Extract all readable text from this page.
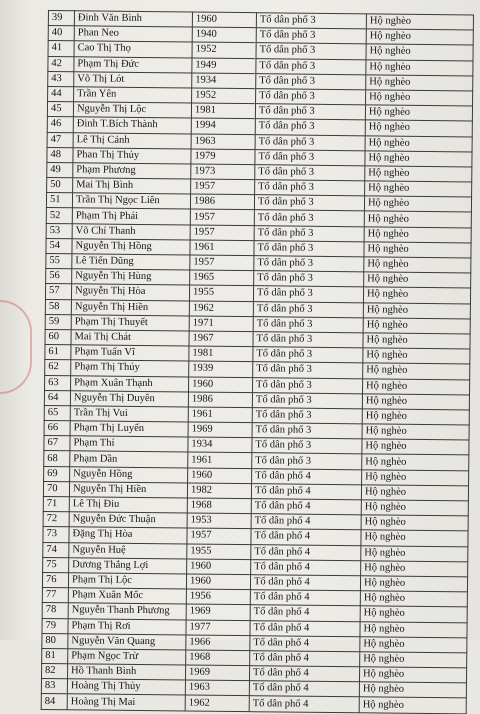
39	Đinh Văn Bình	1960	Tổ dân phố 3	Hộ nghèo
40	Phan Neo	1940	Tổ dân phố 3	Hộ nghèo
41	Cao Thị Thọ	1952	Tổ dân phố 3	Hộ nghèo
42	Phạm Thị Đức	1949	Tổ dân phố 3	Hộ nghèo
43	Võ Thị Lót	1934	Tổ dân phố 3	Hộ nghèo
44	Trần Yên	1952	Tổ dân phố 3	Hộ nghèo
45	Nguyễn Thị Lộc	1981	Tổ dân phố 3	Hộ nghèo
46	Đinh T.Bích Thành	1994	Tổ dân phố 3	Hộ nghèo
47	Lê Thị Cảnh	1963	Tổ dân phố 3	Hộ nghèo
48	Phan Thị Thủy	1979	Tổ dân phố 3	Hộ nghèo
49	Phạm Phương	1973	Tổ dân phố 3	Hộ nghèo
50	Mai Thị Bình	1957	Tổ dân phố 3	Hộ nghèo
51	Trần Thị Ngọc Liên	1986	Tổ dân phố 3	Hộ nghèo
52	Phạm Thị Phái	1957	Tổ dân phố 3	Hộ nghèo
53	Võ Chí Thanh	1957	Tổ dân phố 3	Hộ nghèo
54	Nguyễn Thị Hồng	1961	Tổ dân phố 3	Hộ nghèo
55	Lê Tiến Dũng	1957	Tổ dân phố 3	Hộ nghèo
56	Nguyễn Thị Hùng	1965	Tổ dân phố 3	Hộ nghèo
57	Nguyễn Thị Hòa	1955	Tổ dân phố 3	Hộ nghèo
58	Nguyễn Thị Hiền	1962	Tổ dân phố 3	Hộ nghèo
59	Phạm Thị Thuyết	1971	Tổ dân phố 3	Hộ nghèo
60	Mai Thị Chát	1967	Tổ dân phố 3	Hộ nghèo
61	Phạm Tuấn Vĩ	1981	Tổ dân phố 3	Hộ nghèo
62	Phạm Thị Thúy	1939	Tổ dân phố 3	Hộ nghèo
63	Phạm Xuân Thạnh	1960	Tổ dân phố 3	Hộ nghèo
64	Nguyễn Thị Duyên	1986	Tổ dân phố 3	Hộ nghèo
65	Trần Thị Vui	1961	Tổ dân phố 3	Hộ nghèo
66	Phạm Thị Luyến	1969	Tổ dân phố 3	Hộ nghèo
67	Phạm Thí	1934	Tổ dân phố 3	Hộ nghèo
68	Phạm Dần	1961	Tổ dân phố 3	Hộ nghèo
69	Nguyễn Hồng	1960	Tổ dân phố 4	Hộ nghèo
70	Nguyễn Thị Hiền	1982	Tổ dân phố 4	Hộ nghèo
71	Lê Thị Điu	1968	Tổ dân phố 4	Hộ nghèo
72	Nguyễn Đức Thuận	1953	Tổ dân phố 4	Hộ nghèo
73	Đặng Thị Hòa	1957	Tổ dân phố 4	Hộ nghèo
74	Nguyễn Huệ	1955	Tổ dân phố 4	Hộ nghèo
75	Dương Thắng Lợi	1960	Tổ dân phố 4	Hộ nghèo
76	Phạm Thị Lộc	1960	Tổ dân phố 4	Hộ nghèo
77	Phạm Xuân Mốc	1956	Tổ dân phố 4	Hộ nghèo
78	Nguyễn Thanh Phương	1969	Tổ dân phố 4	Hộ nghèo
79	Phạm Thị Rơi	1977	Tổ dân phố 4	Hộ nghèo
80	Nguyễn Văn Quang	1966	Tổ dân phố 4	Hộ nghèo
81	Phạm Ngọc Trừ	1968	Tổ dân phố 4	Hộ nghèo
82	Hồ Thanh Bình	1969	Tổ dân phố 4	Hộ nghèo
83	Hoàng Thị Thủy	1963	Tổ dân phố 4	Hộ nghèo
84	Hoàng Thị Mai	1962	Tổ dân phố 4	Hộ nghèo
